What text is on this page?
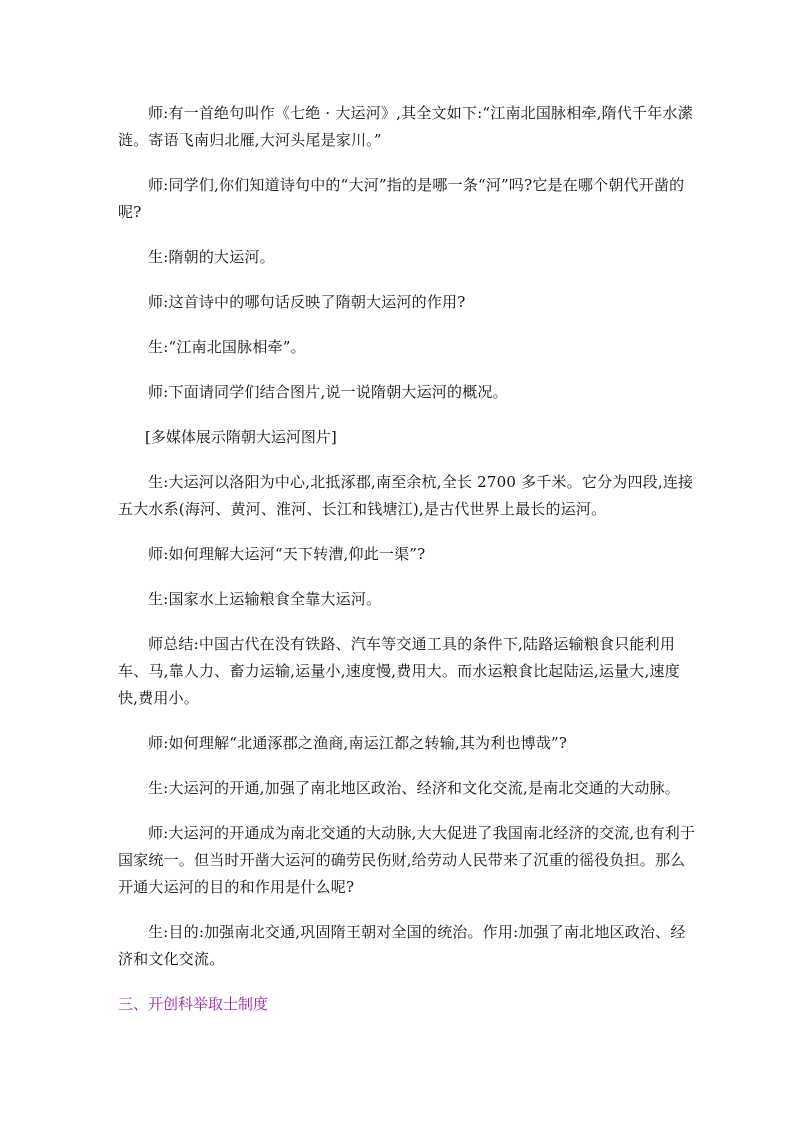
师:有一首绝句叫作《七绝 · 大运河》,其全文如下:“江南北国脉相牵,隋代千年水潆涟。寄语飞南归北雁,大河头尾是家川。”

师:同学们,你们知道诗句中的“大河”指的是哪一条“河”吗?它是在哪个朝代开凿的呢?

生:隋朝的大运河。

师:这首诗中的哪句话反映了隋朝大运河的作用?

生:“江南北国脉相牵”。

师:下面请同学们结合图片,说一说隋朝大运河的概况。

[多媒体展示隋朝大运河图片]

生:大运河以洛阳为中心,北抵涿郡,南至余杭,全长 2700 多千米。它分为四段,连接五大水系(海河、黄河、淮河、长江和钱塘江),是古代世界上最长的运河。

师:如何理解大运河“天下转漕,仰此一渠”?

生:国家水上运输粮食全靠大运河。

师总结:中国古代在没有铁路、汽车等交通工具的条件下,陆路运输粮食只能利用车、马,靠人力、畜力运输,运量小,速度慢,费用大。而水运粮食比起陆运,运量大,速度快,费用小。

师:如何理解“北通涿郡之渔商,南运江都之转输,其为利也博哉”?

生:大运河的开通,加强了南北地区政治、经济和文化交流,是南北交通的大动脉。

师:大运河的开通成为南北交通的大动脉,大大促进了我国南北经济的交流,也有利于国家统一。但当时开凿大运河的确劳民伤财,给劳动人民带来了沉重的徭役负担。那么开通大运河的目的和作用是什么呢?

生:目的:加强南北交通,巩固隋王朝对全国的统治。作用:加强了南北地区政治、经济和文化交流。

三、开创科举取士制度
